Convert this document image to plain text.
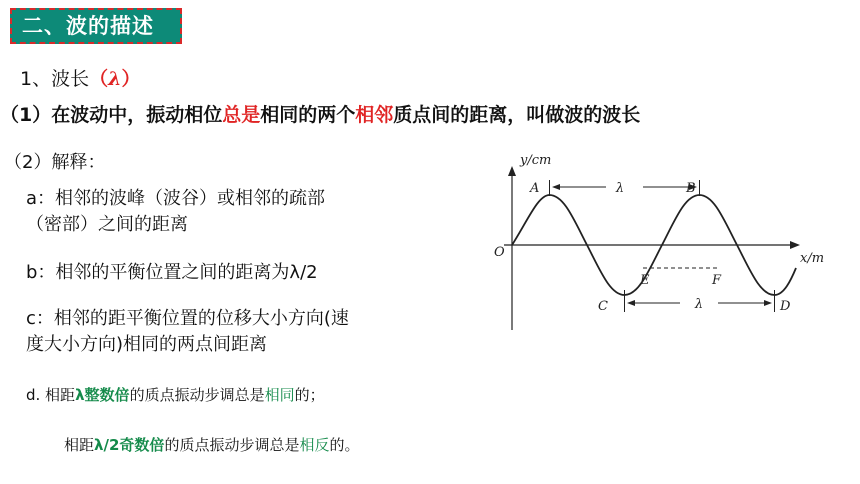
二、波的描述
1、波长（λ）
（1）在波动中，振动相位总是相同的两个相邻质点间的距离，叫做波的波长
（2）解释：
a：相邻的波峰（波谷）或相邻的疏部
（密部）之间的距离
b：相邻的平衡位置之间的距离为λ/2
c：相邻的距平衡位置的位移大小方向(速
度大小方向)相同的两点间距离
d. 相距λ整数倍的质点振动步调总是相同的；
相距λ/2奇数倍的质点振动步调总是相反的。
λ
λ
y/cm
x/m
O
A	B
C	D
E	F
